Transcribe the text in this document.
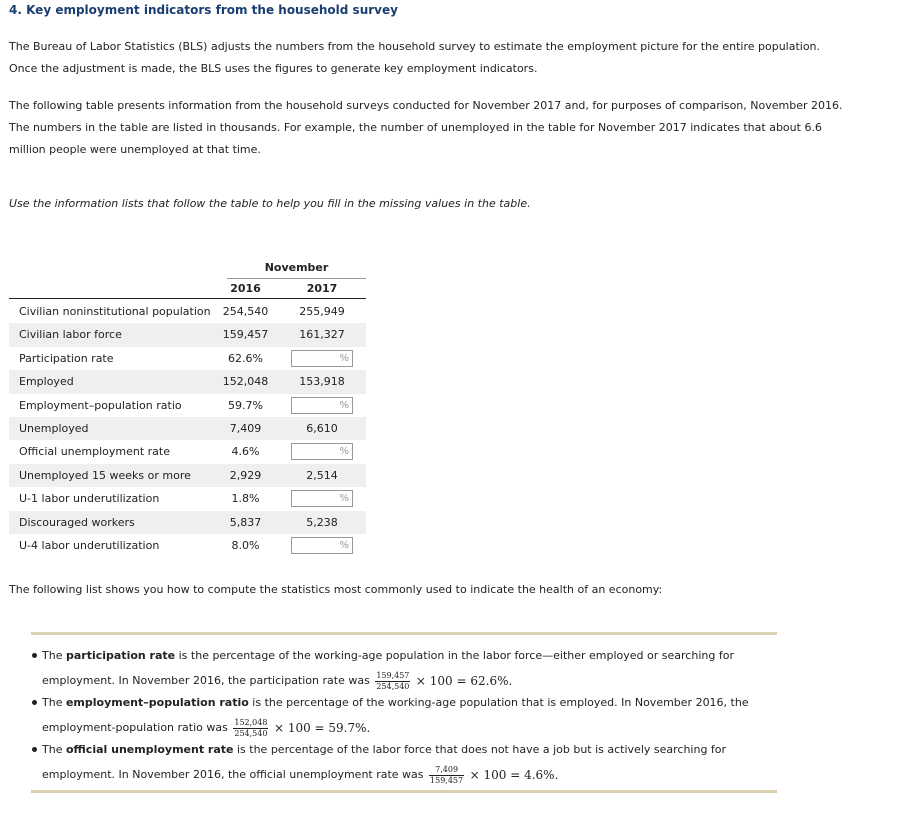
4. Key employment indicators from the household survey
The Bureau of Labor Statistics (BLS) adjusts the numbers from the household survey to estimate the employment picture for the entire population.
Once the adjustment is made, the BLS uses the figures to generate key employment indicators.
The following table presents information from the household surveys conducted for November 2017 and, for purposes of comparison, November 2016.
The numbers in the table are listed in thousands. For example, the number of unemployed in the table for November 2017 indicates that about 6.6
million people were unemployed at that time.
Use the information lists that follow the table to help you fill in the missing values in the table.
November
2016	2017
Civilian noninstitutional population	254,540	255,949
Civilian labor force	159,457	161,327
Participation rate	62.6%	%
Employed	152,048	153,918
Employment–population ratio	59.7%	%
Unemployed	7,409	6,610
Official unemployment rate	4.6%	%
Unemployed 15 weeks or more	2,929	2,514
U-1 labor underutilization	1.8%	%
Discouraged workers	5,837	5,238
U-4 labor underutilization	8.0%	%
The following list shows you how to compute the statistics most commonly used to indicate the health of an economy:
The participation rate is the percentage of the working-age population in the labor force—either employed or searching for
employment. In November 2016, the participation rate was $\frac{159,457}{254,540} \times 100 = 62.6\%$.
The employment–population ratio is the percentage of the working-age population that is employed. In November 2016, the
employment-population ratio was $\frac{152,048}{254,540} \times 100 = 59.7\%$.
The official unemployment rate is the percentage of the labor force that does not have a job but is actively searching for
employment. In November 2016, the official unemployment rate was $\frac{7,409}{159,457} \times 100 = 4.6\%$.
